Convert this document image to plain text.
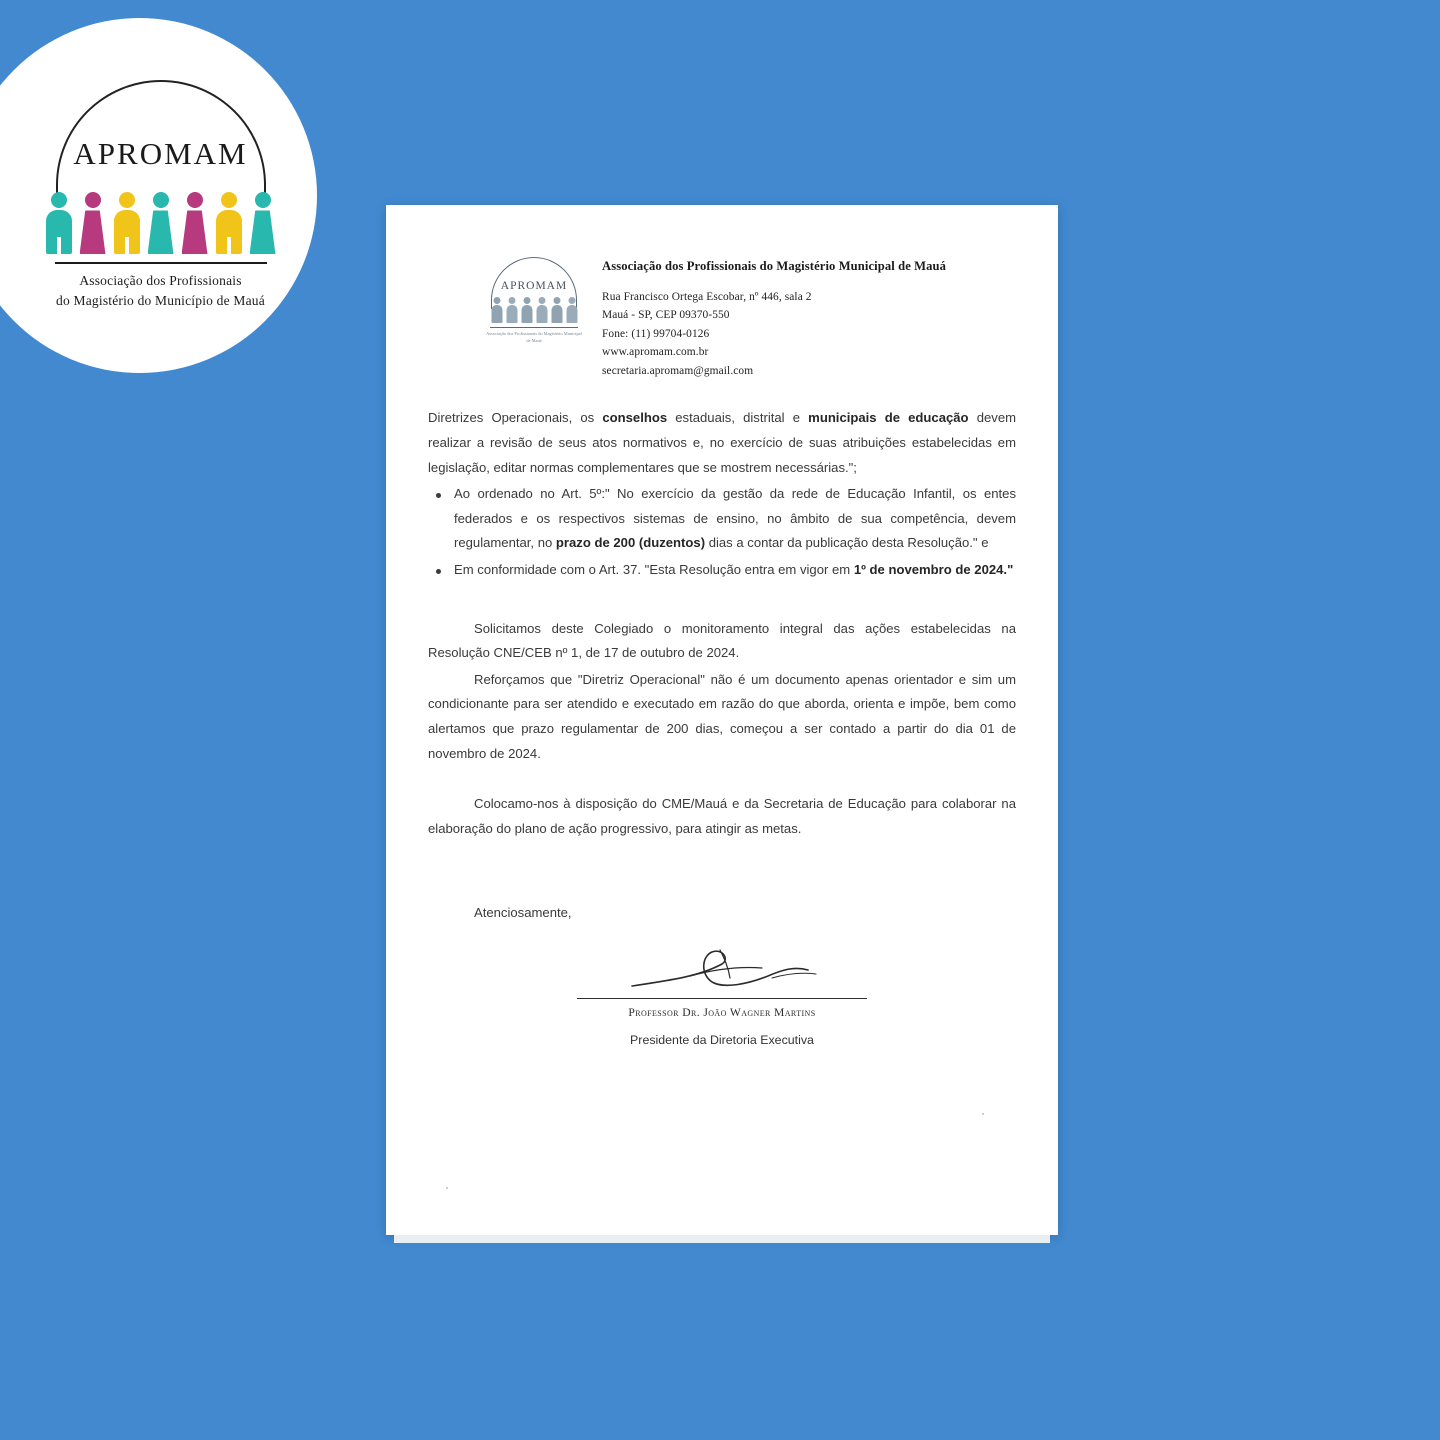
APROMAM
Associação dos Profissionais
do Magistério do Município de Mauá
APROMAM
Associação dos Profissionais do Magistério Municipal de Mauá
Associação dos Profissionais do Magistério Municipal de Mauá
Rua Francisco Ortega Escobar, nº 446, sala 2
Mauá - SP, CEP 09370-550
Fone: (11) 99704-0126
www.apromam.com.br
secretaria.apromam@gmail.com

Diretrizes Operacionais, os conselhos estaduais, distrital e municipais de educação devem realizar a revisão de seus atos normativos e, no exercício de suas atribuições estabelecidas em legislação, editar normas complementares que se mostrem necessárias.";

Ao ordenado no Art. 5º:" No exercício da gestão da rede de Educação Infantil, os entes federados e os respectivos sistemas de ensino, no âmbito de sua competência, devem regulamentar, no prazo de 200 (duzentos) dias a contar da publicação desta Resolução." e
Em conformidade com o Art. 37. "Esta Resolução entra em vigor em 1º de novembro de 2024."

Solicitamos deste Colegiado o monitoramento integral das ações estabelecidas na Resolução CNE/CEB nº 1, de 17 de outubro de 2024.

Reforçamos que "Diretriz Operacional" não é um documento apenas orientador e sim um condicionante para ser atendido e executado em razão do que aborda, orienta e impõe, bem como alertamos que prazo regulamentar de 200 dias, começou a ser contado a partir do dia 01 de novembro de 2024.

Colocamo-nos à disposição do CME/Mauá e da Secretaria de Educação para colaborar na elaboração do plano de ação progressivo, para atingir as metas.

Atenciosamente,
Professor Dr. João Wagner Martins
Presidente da Diretoria Executiva
